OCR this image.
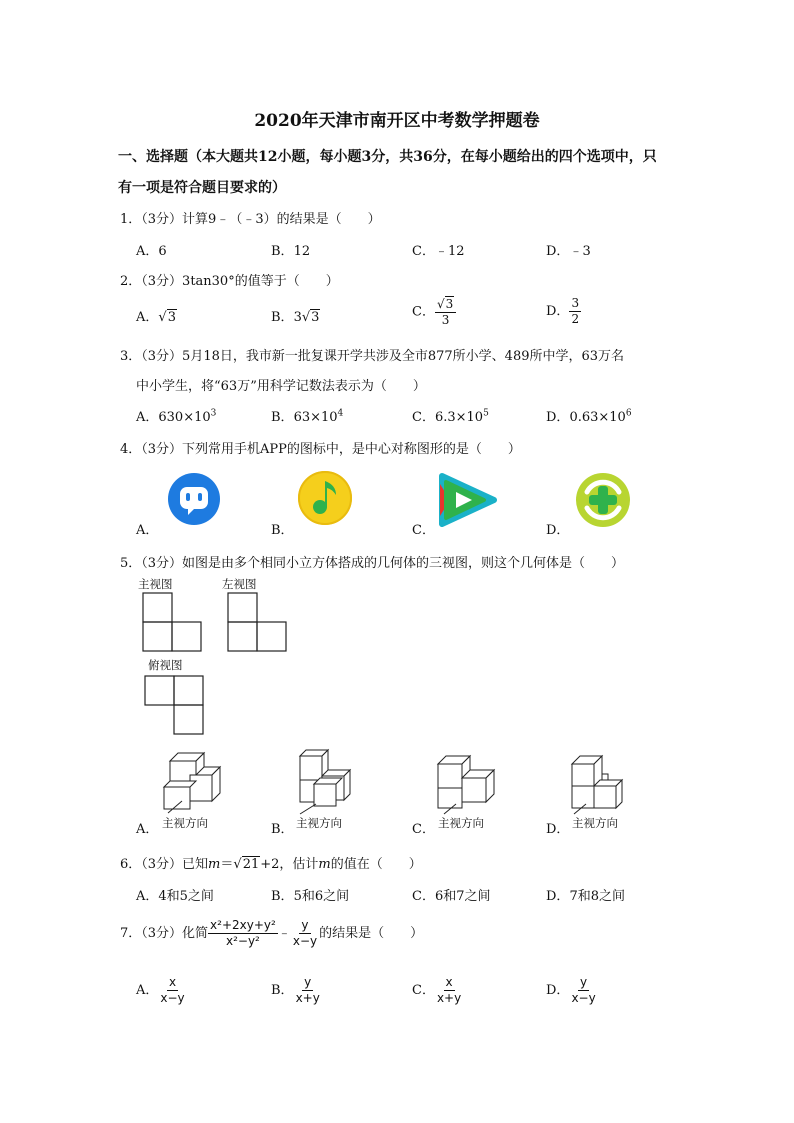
2020年天津市南开区中考数学押题卷
一、选择题（本大题共12小题，每小题3分，共36分，在每小题给出的四个选项中，只
有一项是符合题目要求的）
1．（3分）计算9﹣（﹣3）的结果是（　　）
A．6	B．12	C．﹣12	D．﹣3
2．（3分）3tan30°的值等于（　　）
A．√3	B．3√3	C． $\frac{√3}{3}$	D． $\frac{3}{2}$
3．（3分）5月18日，我市新一批复课开学共涉及全市877所小学、489所中学，63万名
中小学生，将“63万”用科学记数法表示为（　　）
A．$630\times 10^3$	B．$63\times 10^4$	C．$6.3\times 10^5$	D．$0.63\times 10^6$
4．（3分）下列常用手机APP的图标中，是中心对称图形的是（　　）
A．	B．	C．	D．
5．（3分）如图是由多个相同小立方体搭成的几何体的三视图，则这个几何体是（　　）
主视图	左视图
俯视图
A． 主视方向	B． 主视方向	C． 主视方向	D． 主视方向
6．（3分）已知m＝√21+2，估计m的值在（　　）
A．4和5之间	B．5和6之间	C．6和7之间	D．7和8之间
7．（3分）化简 $\frac{\text{x²+2xy+y²}}{\text{x²−y²}}$ ﹣ $\frac{y}{x-y}$ 的结果是（　　）
A． $\frac{x}{x-y}$	B． $\frac{y}{x+y}$	C． $\frac{x}{x+y}$	D． $\frac{y}{x-y}$
